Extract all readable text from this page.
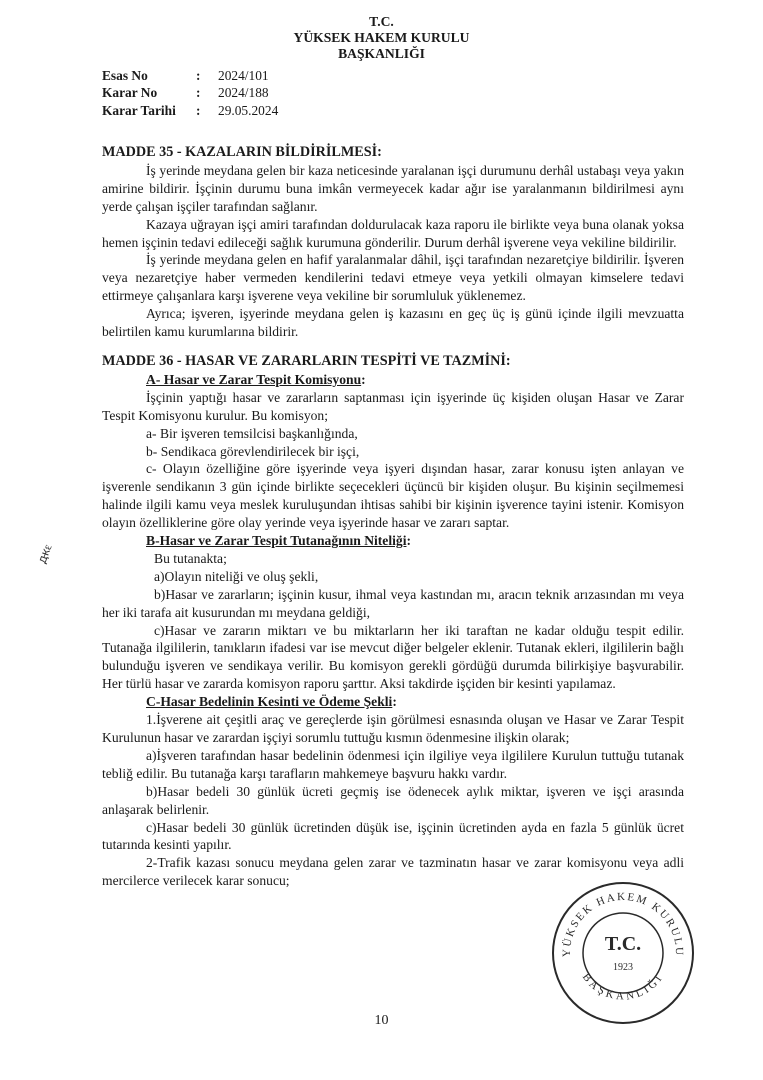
T.C.
YÜKSEK HAKEM KURULU
BAŞKANLIĞI
Esas No	:	2024/101
Karar No	:	2024/188
Karar Tarihi	:	29.05.2024
MADDE 35 - KAZALARIN BİLDİRİLMESİ:

İş yerinde meydana gelen bir kaza neticesinde yaralanan işçi durumunu derhâl ustabaşı veya yakın amirine bildirir. İşçinin durumu buna imkân vermeyecek kadar ağır ise yaralanmanın bildirilmesi aynı yerde çalışan işçiler tarafından sağlanır.

Kazaya uğrayan işçi amiri tarafından doldurulacak kaza raporu ile birlikte veya buna olanak yoksa hemen işçinin tedavi edileceği sağlık kurumuna gönderilir. Durum derhâl işverene veya vekiline bildirilir.

İş yerinde meydana gelen en hafif yaralanmalar dâhil, işçi tarafından nezaretçiye bildirilir. İşveren veya nezaretçiye haber vermeden kendilerini tedavi etmeye veya yetkili olmayan kimselere tedavi ettirmeye çalışanlara karşı işverene veya vekiline bir sorumluluk yüklenemez.

Ayrıca; işveren, işyerinde meydana gelen iş kazasını en geç üç iş günü içinde ilgili mevzuatta belirtilen kamu kurumlarına bildirir.

MADDE 36 - HASAR VE ZARARLARIN TESPİTİ VE TAZMİNİ:
A- Hasar ve Zarar Tespit Komisyonu:

İşçinin yaptığı hasar ve zararların saptanması için işyerinde üç kişiden oluşan Hasar ve Zarar Tespit Komisyonu kurulur. Bu komisyon;

a- Bir işveren temsilcisi başkanlığında,

b- Sendikaca görevlendirilecek bir işçi,

c- Olayın özelliğine göre işyerinde veya işyeri dışından hasar, zarar konusu işten anlayan ve işverenle sendikanın 3 gün içinde birlikte seçecekleri üçüncü bir kişiden oluşur. Bu kişinin seçilmemesi halinde ilgili kamu veya meslek kuruluşundan ihtisas sahibi bir kişinin işverence tayini istenir. Komisyon olayın özelliklerine göre olay yerinde veya işyerinde hasar ve zararı saptar.

B-Hasar ve Zarar Tespit Tutanağının Niteliği:

Bu tutanakta;

a)Olayın niteliği ve oluş şekli,

b)Hasar ve zararların; işçinin kusur, ihmal veya kastından mı, aracın teknik arızasından mı veya her iki tarafa ait kusurundan mı meydana geldiği,

c)Hasar ve zararın miktarı ve bu miktarların her iki taraftan ne kadar olduğu tespit edilir. Tutanağa ilgililerin, tanıkların ifadesi var ise mevcut diğer belgeler eklenir. Tutanak ekleri, ilgililerin bağlı bulunduğu işveren ve sendikaya verilir. Bu komisyon gerekli gördüğü durumda bilirkişiye başvurabilir. Her türlü hasar ve zararda komisyon raporu şarttır. Aksi takdirde işçiden bir kesinti yapılamaz.

C-Hasar Bedelinin Kesinti ve Ödeme Şekli:

1.İşverene ait çeşitli araç ve gereçlerde işin görülmesi esnasında oluşan ve Hasar ve Zarar Tespit Kurulunun hasar ve zarardan işçiyi sorumlu tuttuğu kısmın ödenmesine ilişkin olarak;

a)İşveren tarafından hasar bedelinin ödenmesi için ilgiliye veya ilgililere Kurulun tuttuğu tutanak tebliğ edilir. Bu tutanağa karşı tarafların mahkemeye başvuru hakkı vardır.

b)Hasar bedeli 30 günlük ücreti geçmiş ise ödenecek aylık miktar, işveren ve işçi arasında anlaşarak belirlenir.

c)Hasar bedeli 30 günlük ücretinden düşük ise, işçinin ücretinden ayda en fazla 5 günlük ücret tutarında kesinti yapılır.

2-Trafik kazası sonucu meydana gelen zarar ve tazminatın hasar ve zarar komisyonu veya adli mercilerce verilecek karar sonucu;

ԫԑ
YÜKSEK HAKEM KURULU
BAŞKANLIĞI
T.C.
1923
10
